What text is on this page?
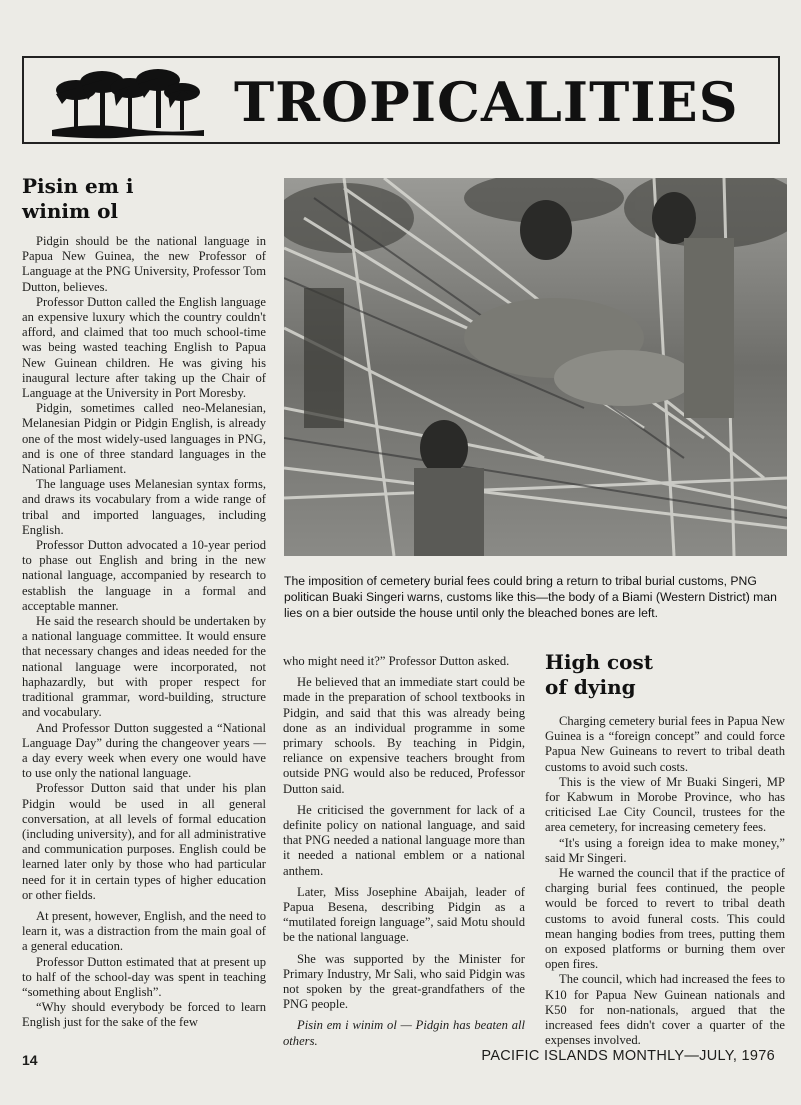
TROPICALITIES
Pisin em i
winim ol

Pidgin should be the national language in Papua New Guinea, the new Professor of Language at the PNG University, Professor Tom Dutton, believes.

Professor Dutton called the English language an expensive luxury which the country couldn't afford, and claimed that too much school-time was being wasted teaching English to Papua New Guinean children. He was giving his inaugural lecture after taking up the Chair of Language at the University in Port Moresby.

Pidgin, sometimes called neo-Melanesian, Melanesian Pidgin or Pidgin English, is already one of the most widely-used languages in PNG, and is one of three standard languages in the National Parliament.

The language uses Melanesian syntax forms, and draws its vocabulary from a wide range of tribal and imported languages, including English.

Professor Dutton advocated a 10-year period to phase out English and bring in the new national language, accompanied by research to establish the language in a formal and acceptable manner.

He said the research should be undertaken by a national language committee. It would ensure that necessary changes and ideas needed for the national language were incorporated, not haphazardly, but with proper respect for traditional grammar, word-building, structure and vocabulary.

And Professor Dutton suggested a “National Language Day” during the changeover years — a day every week when every one would have to use only the national language.

Professor Dutton said that under his plan Pidgin would be used in all general conversation, at all levels of formal education (including university), and for all administrative and communication purposes. English could be learned later only by those who had particular need for it in certain types of higher education or other fields.

At present, however, English, and the need to learn it, was a distraction from the main goal of a general education.

Professor Dutton estimated that at present up to half of the school-day was spent in teaching “something about English”.

“Why should everybody be forced to learn English just for the sake of the few

The imposition of cemetery burial fees could bring a return to tribal burial customs, PNG politican Buaki Singeri warns, customs like this—the body of a Biami (Western District) man lies on a bier outside the house until only the bleached bones are left.

who might need it?” Professor Dutton asked.

He believed that an immediate start could be made in the preparation of school textbooks in Pidgin, and said that this was already being done as an individual programme in some primary schools. By teaching in Pidgin, reliance on expensive teachers brought from outside PNG would also be reduced, Professor Dutton said.

He criticised the government for lack of a definite policy on national language, and said that PNG needed a national language more than it needed a national emblem or a national anthem.

Later, Miss Josephine Abaijah, leader of Papua Besena, describing Pidgin as a “mutilated foreign language”, said Motu should be the national language.

She was supported by the Minister for Primary Industry, Mr Sali, who said Pidgin was not spoken by the great-grandfathers of the PNG people.

Pisin em i winim ol — Pidgin has beaten all others.

High cost
of dying

Charging cemetery burial fees in Papua New Guinea is a “foreign concept” and could force Papua New Guineans to revert to tribal death customs to avoid such costs.

This is the view of Mr Buaki Singeri, MP for Kabwum in Morobe Province, who has criticised Lae City Council, trustees for the area cemetery, for increasing cemetery fees.

“It's using a foreign idea to make money,” said Mr Singeri.

He warned the council that if the practice of charging burial fees continued, the people would be forced to revert to tribal death customs to avoid funeral costs. This could mean hanging bodies from trees, putting them on exposed platforms or burning them over open fires.

The council, which had increased the fees to K10 for Papua New Guinean nationals and K50 for non-nationals, argued that the increased fees didn't cover a quarter of the expenses involved.

14	PACIFIC ISLANDS MONTHLY—JULY, 1976
